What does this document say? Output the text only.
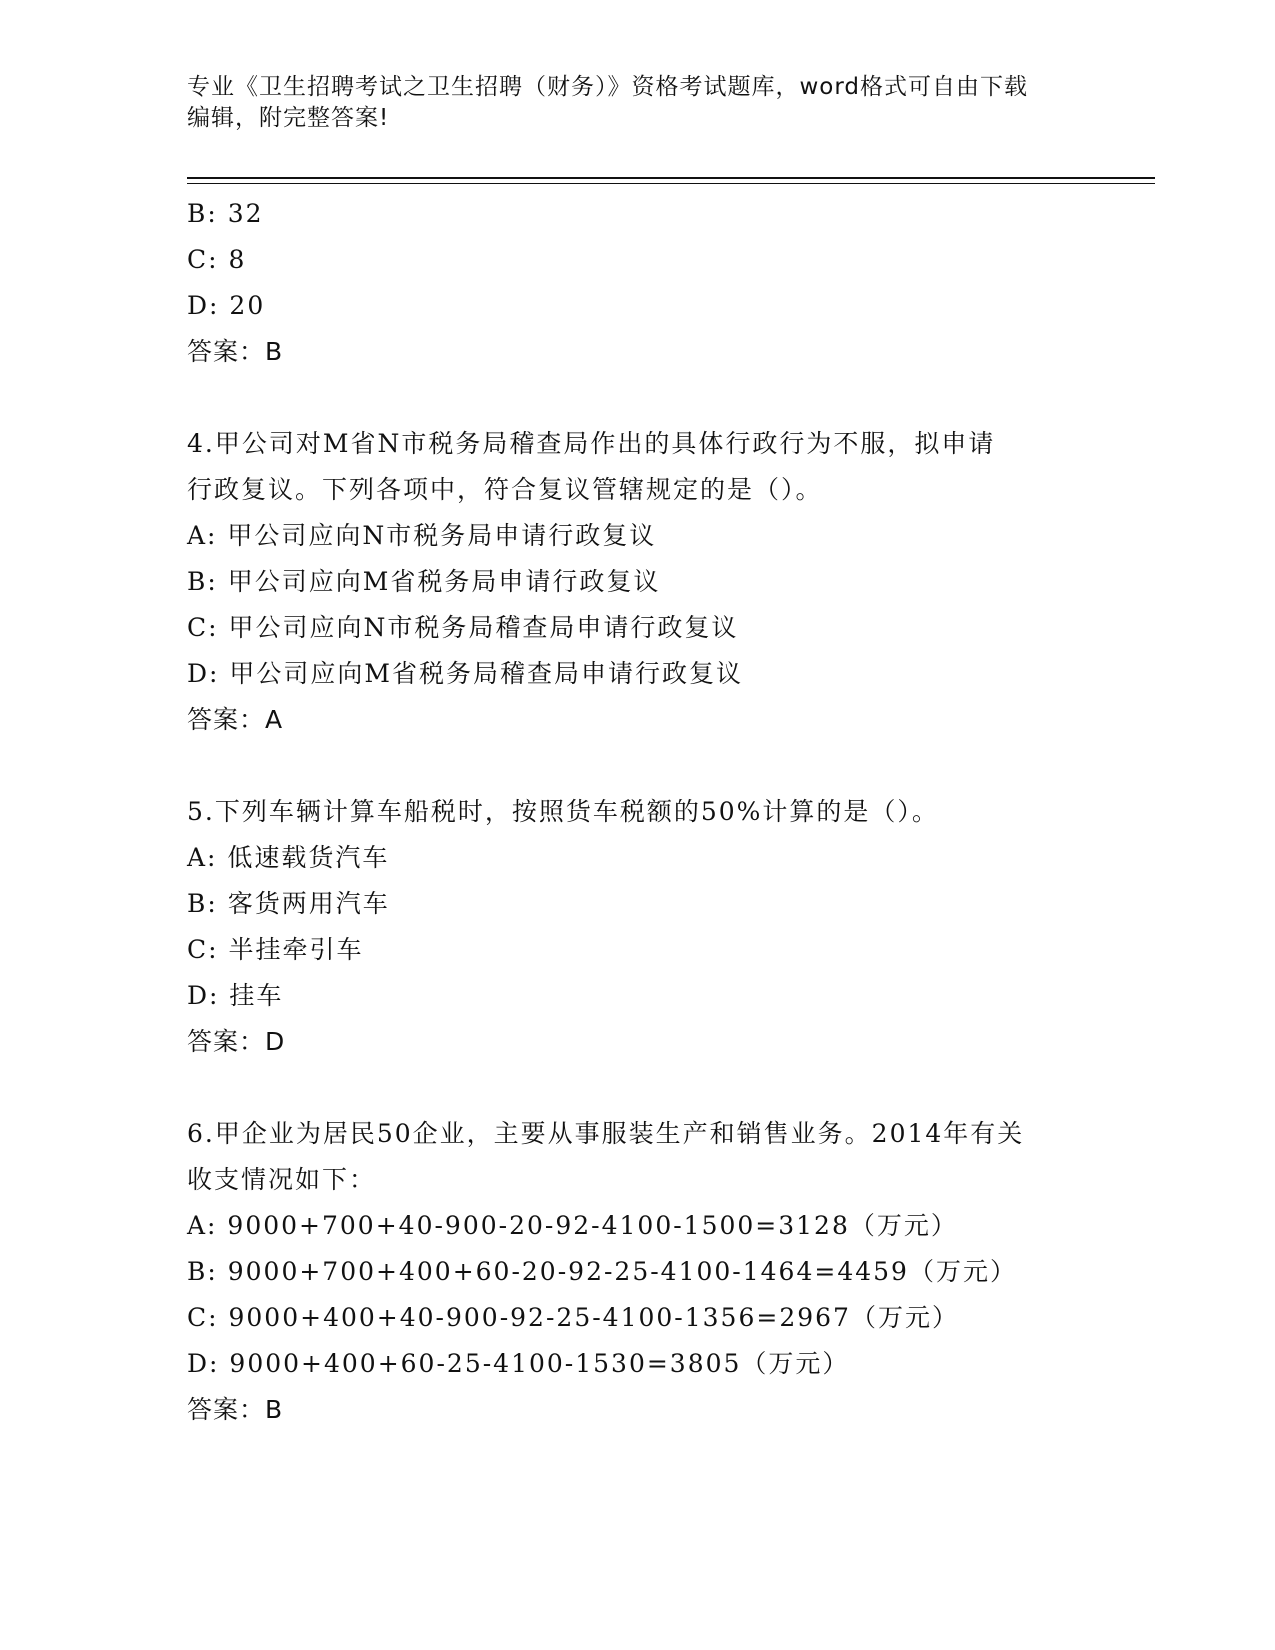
专业《卫生招聘考试之卫生招聘（财务）》资格考试题库，word格式可自由下载
编辑，附完整答案!
B: 32
C: 8
D: 20
答案：B
4.甲公司对M省N市税务局稽查局作出的具体行政行为不服，拟申请
行政复议。下列各项中，符合复议管辖规定的是（）。
A: 甲公司应向N市税务局申请行政复议
B: 甲公司应向M省税务局申请行政复议
C: 甲公司应向N市税务局稽查局申请行政复议
D: 甲公司应向M省税务局稽查局申请行政复议
答案：A
5.下列车辆计算车船税时，按照货车税额的50%计算的是（）。
A: 低速载货汽车
B: 客货两用汽车
C: 半挂牵引车
D: 挂车
答案：D
6.甲企业为居民50企业，主要从事服装生产和销售业务。2014年有关
收支情况如下：
A: 9000+700+40-900-20-92-4100-1500=3128（万元）
B: 9000+700+400+60-20-92-25-4100-1464=4459（万元）
C: 9000+400+40-900-92-25-4100-1356=2967（万元）
D: 9000+400+60-25-4100-1530=3805（万元）
答案：B
